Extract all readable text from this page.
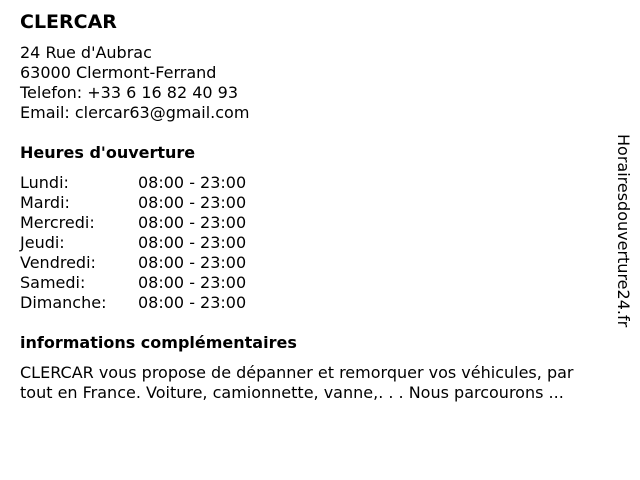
CLERCAR
24 Rue d'Aubrac
63000 Clermont-Ferrand
Telefon: +33 6 16 82 40 93
Email: clercar63@gmail.com
Heures d'ouverture
Lundi:	08:00 - 23:00
Mardi:	08:00 - 23:00
Mercredi:	08:00 - 23:00
Jeudi:	08:00 - 23:00
Vendredi:	08:00 - 23:00
Samedi:	08:00 - 23:00
Dimanche:	08:00 - 23:00
informations complémentaires
CLERCAR vous propose de dépanner et remorquer vos véhicules, par
tout en France. Voiture, camionnette, vanne,. . . Nous parcourons ...
Horairesdouverture24.fr
